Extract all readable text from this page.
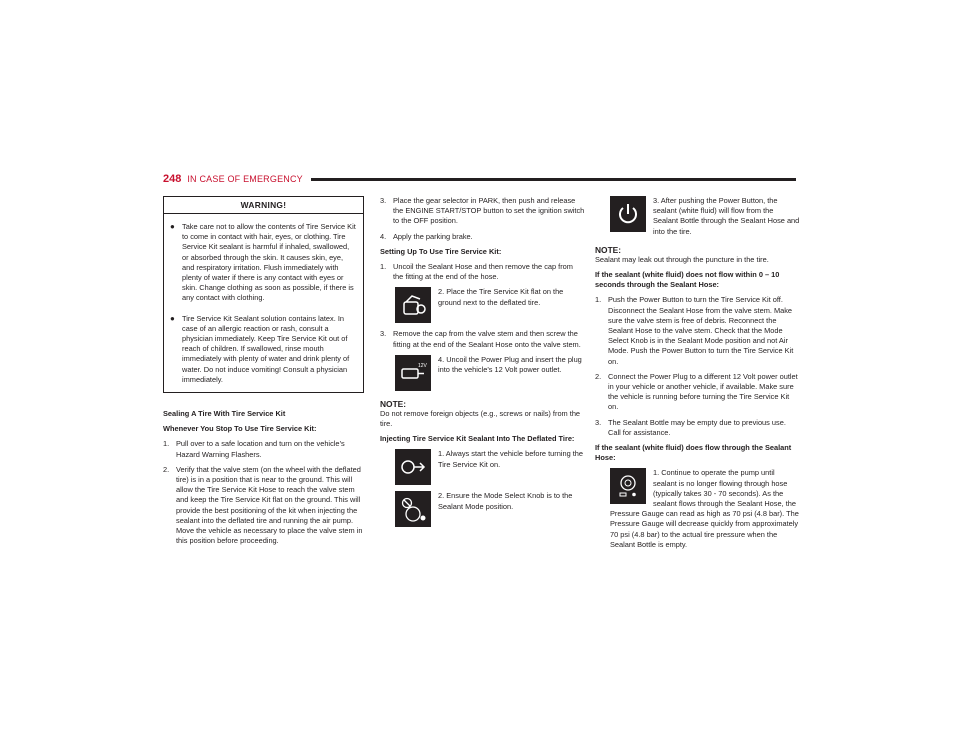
248 IN CASE OF EMERGENCY
WARNING!
● Take care not to allow the contents of Tire Service Kit to come in contact with hair, eyes, or clothing. Tire Service Kit sealant is harmful if inhaled, swallowed, or absorbed through the skin. It causes skin, eye, and respiratory irritation. Flush immediately with plenty of water if there is any contact with eyes or skin. Change clothing as soon as possible, if there is any contact with clothing.
● Tire Service Kit Sealant solution contains latex. In case of an allergic reaction or rash, consult a physician immediately. Keep Tire Service Kit out of reach of children. If swallowed, rinse mouth immediately with plenty of water and drink plenty of water. Do not induce vomiting! Consult a physician immediately.

Sealing A Tire With Tire Service Kit

Whenever You Stop To Use Tire Service Kit:

1. Pull over to a safe location and turn on the vehicle’s Hazard Warning Flashers.
2. Verify that the valve stem (on the wheel with the deflated tire) is in a position that is near to the ground. This will allow the Tire Service Kit Hose to reach the valve stem and keep the Tire Service Kit flat on the ground. This will provide the best positioning of the kit when injecting the sealant into the deflated tire and running the air pump. Move the vehicle as necessary to place the valve stem in this position before proceeding.
3. Place the gear selector in PARK, then push and release the ENGINE START/STOP button to set the ignition switch to the OFF position.
4. Apply the parking brake.

Setting Up To Use Tire Service Kit:

1. Uncoil the Sealant Hose and then remove the cap from the fitting at the end of the hose.
2. Place the Tire Service Kit flat on the ground next to the deflated tire.
3. Remove the cap from the valve stem and then screw the fitting at the end of the Sealant Hose onto the valve stem.
12V
4. Uncoil the Power Plug and insert the plug into the vehicle’s 12 Volt power outlet.

NOTE:

Do not remove foreign objects (e.g., screws or nails) from the tire.

Injecting Tire Service Kit Sealant Into The Deflated Tire:

1. Always start the vehicle before turning the Tire Service Kit on.
2. Ensure the Mode Select Knob is to the Sealant Mode position.
3. After pushing the Power Button, the sealant (white fluid) will flow from the Sealant Bottle through the Sealant Hose and into the tire.

NOTE:

Sealant may leak out through the puncture in the tire.

If the sealant (white fluid) does not flow within 0 – 10 seconds through the Sealant Hose:

1. Push the Power Button to turn the Tire Service Kit off. Disconnect the Sealant Hose from the valve stem. Make sure the valve stem is free of debris. Reconnect the Sealant Hose to the valve stem. Check that the Mode Select Knob is in the Sealant Mode position and not Air Mode. Push the Power Button to turn the Tire Service Kit on.
2. Connect the Power Plug to a different 12 Volt power outlet in your vehicle or another vehicle, if available. Make sure the vehicle is running before turning the Tire Service Kit on.
3. The Sealant Bottle may be empty due to previous use. Call for assistance.

If the sealant (white fluid) does flow through the Sealant Hose:

1. Continue to operate the pump until sealant is no longer flowing through hose (typically takes 30 - 70 seconds). As the sealant flows through the Sealant Hose, the Pressure Gauge can read as high as 70 psi (4.8 bar). The Pressure Gauge will decrease quickly from approximately 70 psi (4.8 bar) to the actual tire pressure when the Sealant Bottle is empty.
